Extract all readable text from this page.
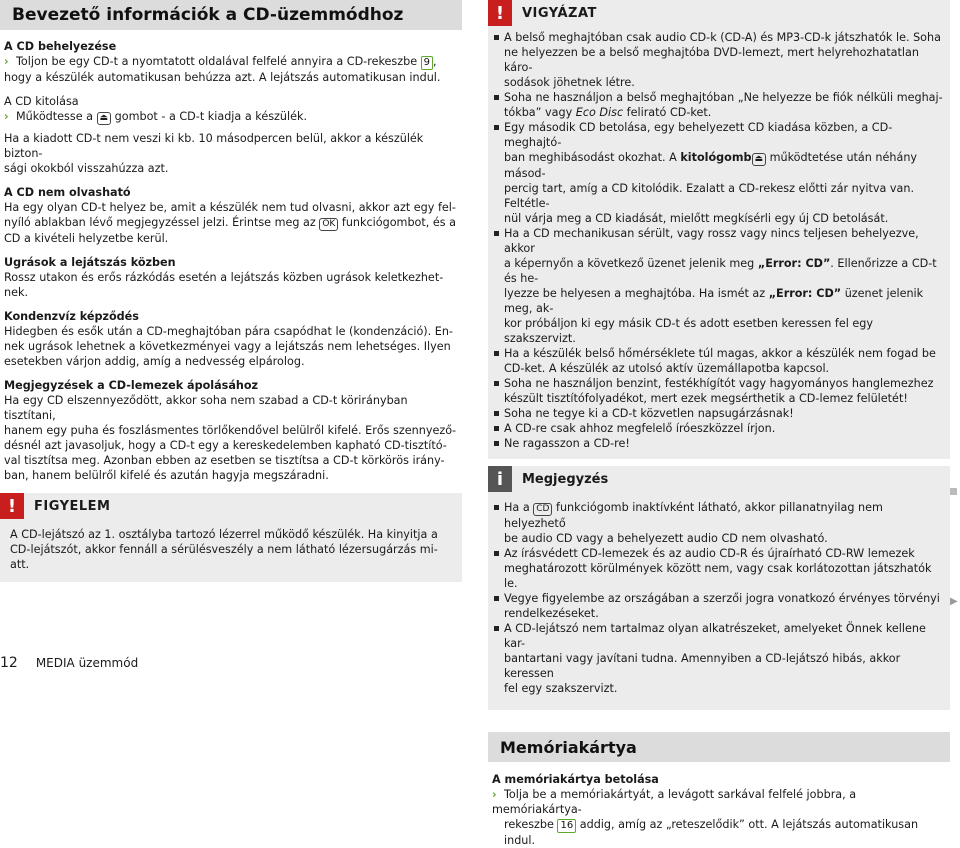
Bevezető információk a CD-üzemmódhoz
A CD behelyezése
› Toljon be egy CD-t a nyomtatott oldalával felfelé annyira a CD-rekeszbe 9 ,
hogy a készülék automatikusan behúzza azt. A lejátszás automatikusan indul.
A CD kitolása
› Működtesse a ⏏ gombot - a CD-t kiadja a készülék.
Ha a kiadott CD-t nem veszi ki kb. 10 másodpercen belül, akkor a készülék bizton-
sági okokból visszahúzza azt.
A CD nem olvasható
Ha egy olyan CD-t helyez be, amit a készülék nem tud olvasni, akkor azt egy fel-
nyíló ablakban lévő megjegyzéssel jelzi. Érintse meg az OK funkciógombot, és a
CD a kivételi helyzetbe kerül.
Ugrások a lejátszás közben
Rossz utakon és erős rázkódás esetén a lejátszás közben ugrások keletkezhet-
nek.
Kondenzvíz képződés
Hidegben és esők után a CD-meghajtóban pára csapódhat le (kondenzáció). En-
nek ugrások lehetnek a következményei vagy a lejátszás nem lehetséges. Ilyen
esetekben várjon addig, amíg a nedvesség elpárolog.
Megjegyzések a CD-lemezek ápolásához
Ha egy CD elszennyeződött, akkor soha nem szabad a CD-t körirányban tisztítani,
hanem egy puha és foszlásmentes törlőkendővel belülről kifelé. Erős szennyező-
désnél azt javasoljuk, hogy a CD-t egy a kereskedelemben kapható CD-tisztító-
val tisztítsa meg. Azonban ebben az esetben se tisztítsa a CD-t körkörös irány-
ban, hanem belülről kifelé és azután hagyja megszáradni.
!	FIGYELEM
A CD-lejátszó az 1. osztályba tartozó lézerrel működő készülék. Ha kinyitja a
CD-lejátszót, akkor fennáll a sérülésveszély a nem látható lézersugárzás mi-
att.
!	VIGYÁZAT
A belső meghajtóban csak audio CD-k (CD-A) és MP3-CD-k játszhatók le. Soha
ne helyezzen be a belső meghajtóba DVD-lemezt, mert helyrehozhatatlan káro-
sodások jöhetnek létre.
Soha ne használjon a belső meghajtóban „Ne helyezze be fiók nélküli meghaj-
tókba” vagy Eco Disc felirató CD-ket.
Egy második CD betolása, egy behelyezett CD kiadása közben, a CD-meghajtó-
ban meghibásodást okozhat. A kitológomb ⏏ működtetése után néhány másod-
percig tart, amíg a CD kitolódik. Ezalatt a CD-rekesz előtti zár nyitva van. Feltétle-
nül várja meg a CD kiadását, mielőtt megkísérli egy új CD betolását.
Ha a CD mechanikusan sérült, vagy rossz vagy nincs teljesen behelyezve, akkor
a képernyőn a következő üzenet jelenik meg „Error: CD”. Ellenőrizze a CD-t és he-
lyezze be helyesen a meghajtóba. Ha ismét az „Error: CD” üzenet jelenik meg, ak-
kor próbáljon ki egy másik CD-t és adott esetben keressen fel egy szakszervizt.
Ha a készülék belső hőmérséklete túl magas, akkor a készülék nem fogad be
CD-ket. A készülék az utolsó aktív üzemállapotba kapcsol.
Soha ne használjon benzint, festékhígítót vagy hagyományos hanglemezhez
készült tisztítófolyadékot, mert ezek megsérthetik a CD-lemez felületét!
Soha ne tegye ki a CD-t közvetlen napsugárzásnak!
A CD-re csak ahhoz megfelelő íróeszközzel írjon.
Ne ragasszon a CD-re!
i	Megjegyzés
Ha a CD funkciógomb inaktívként látható, akkor pillanatnyilag nem helyezhető
be audio CD vagy a behelyezett audio CD nem olvasható.
Az írásvédett CD-lemezek és az audio CD-R és újraírható CD-RW lemezek
meghatározott körülmények között nem, vagy csak korlátozottan játszhatók le.
Vegye figyelembe az országában a szerzői jogra vonatkozó érvényes törvényi
rendelkezéseket.
A CD-lejátszó nem tartalmaz olyan alkatrészeket, amelyeket Önnek kellene kar-
bantartani vagy javítani tudna. Amennyiben a CD-lejátszó hibás, akkor keressen
fel egy szakszervizt.
Memóriakártya
A memóriakártya betolása
› Tolja be a memóriakártyát, a levágott sarkával felfelé jobbra, a memóriakártya-
rekeszbe 16 addig, amíg az „reteszelődik” ott. A lejátszás automatikusan indul.
▶
12 MEDIA üzemmód
